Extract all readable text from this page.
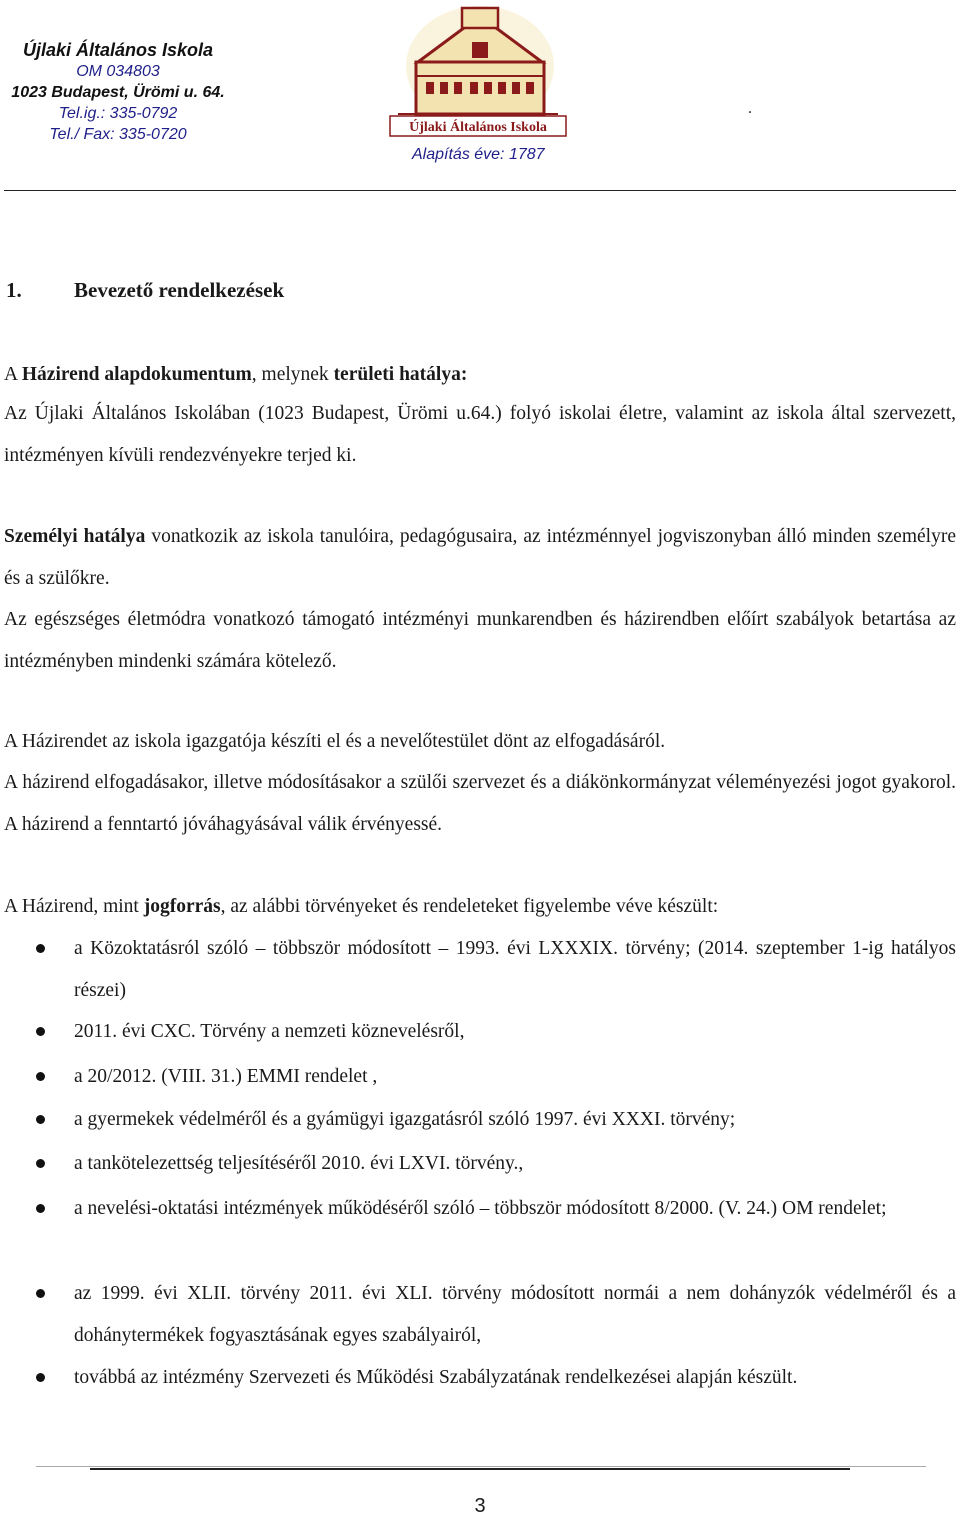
Újlaki Általános Iskola
OM 034803
1023 Budapest, Ürömi u. 64.
Tel.ig.: 335-0792
Tel./ Fax: 335-0720	Újlaki Általános Iskola
Alapítás éve: 1787
.
1. Bevezető rendelkezések
A Házirend alapdokumentum, melynek területi hatálya:
Az Újlaki Általános Iskolában (1023 Budapest, Ürömi u.64.) folyó iskolai életre, valamint az iskola által szervezett, intézményen kívüli rendezvényekre terjed ki.
Személyi hatálya vonatkozik az iskola tanulóira, pedagógusaira, az intézménnyel jogviszonyban álló minden személyre és a szülőkre.
Az egészséges életmódra vonatkozó támogató intézményi munkarendben és házirendben előírt szabályok betartása az intézményben mindenki számára kötelező.
A Házirendet az iskola igazgatója készíti el és a nevelőtestület dönt az elfogadásáról.
A házirend elfogadásakor, illetve módosításakor a szülői szervezet és a diákönkormányzat véleményezési jogot gyakorol. A házirend a fenntartó jóváhagyásával válik érvényessé.
A Házirend, mint jogforrás, az alábbi törvényeket és rendeleteket figyelembe véve készült:
a Közoktatásról szóló – többször módosított – 1993. évi LXXXIX. törvény; (2014. szeptember 1-ig hatályos részei)
2011. évi CXC. Törvény a nemzeti köznevelésről,
a 20/2012. (VIII. 31.) EMMI rendelet ,
a gyermekek védelméről és a gyámügyi igazgatásról szóló 1997. évi XXXI. törvény;
a tankötelezettség teljesítéséről 2010. évi LXVI. törvény.,
a nevelési-oktatási intézmények működéséről szóló – többször módosított 8/2000. (V. 24.) OM rendelet;
az 1999. évi XLII. törvény 2011. évi XLI. törvény módosított normái a nem dohányzók védelméről és a dohánytermékek fogyasztásának egyes szabályairól,
továbbá az intézmény Szervezeti és Működési Szabályzatának rendelkezései alapján készült.
3
